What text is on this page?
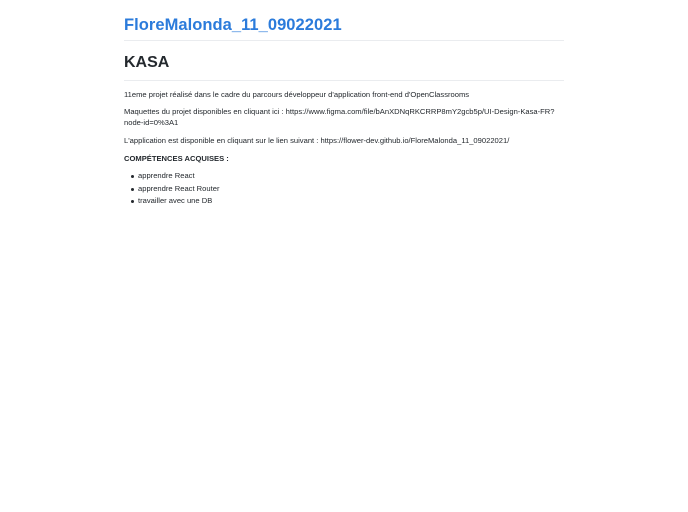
FloreMalonda_11_09022021
KASA

11eme projet réalisé dans le cadre du parcours développeur d'application front-end d'OpenClassrooms

Maquettes du projet disponibles en cliquant ici : https://www.figma.com/file/bAnXDNqRKCRRP8mY2gcb5p/UI-Design-Kasa-FR?node-id=0%3A1

L'application est disponible en cliquant sur le lien suivant : https://flower-dev.github.io/FloreMalonda_11_09022021/

COMPÉTENCES ACQUISES :

apprendre React
apprendre React Router
travailler avec une DB
